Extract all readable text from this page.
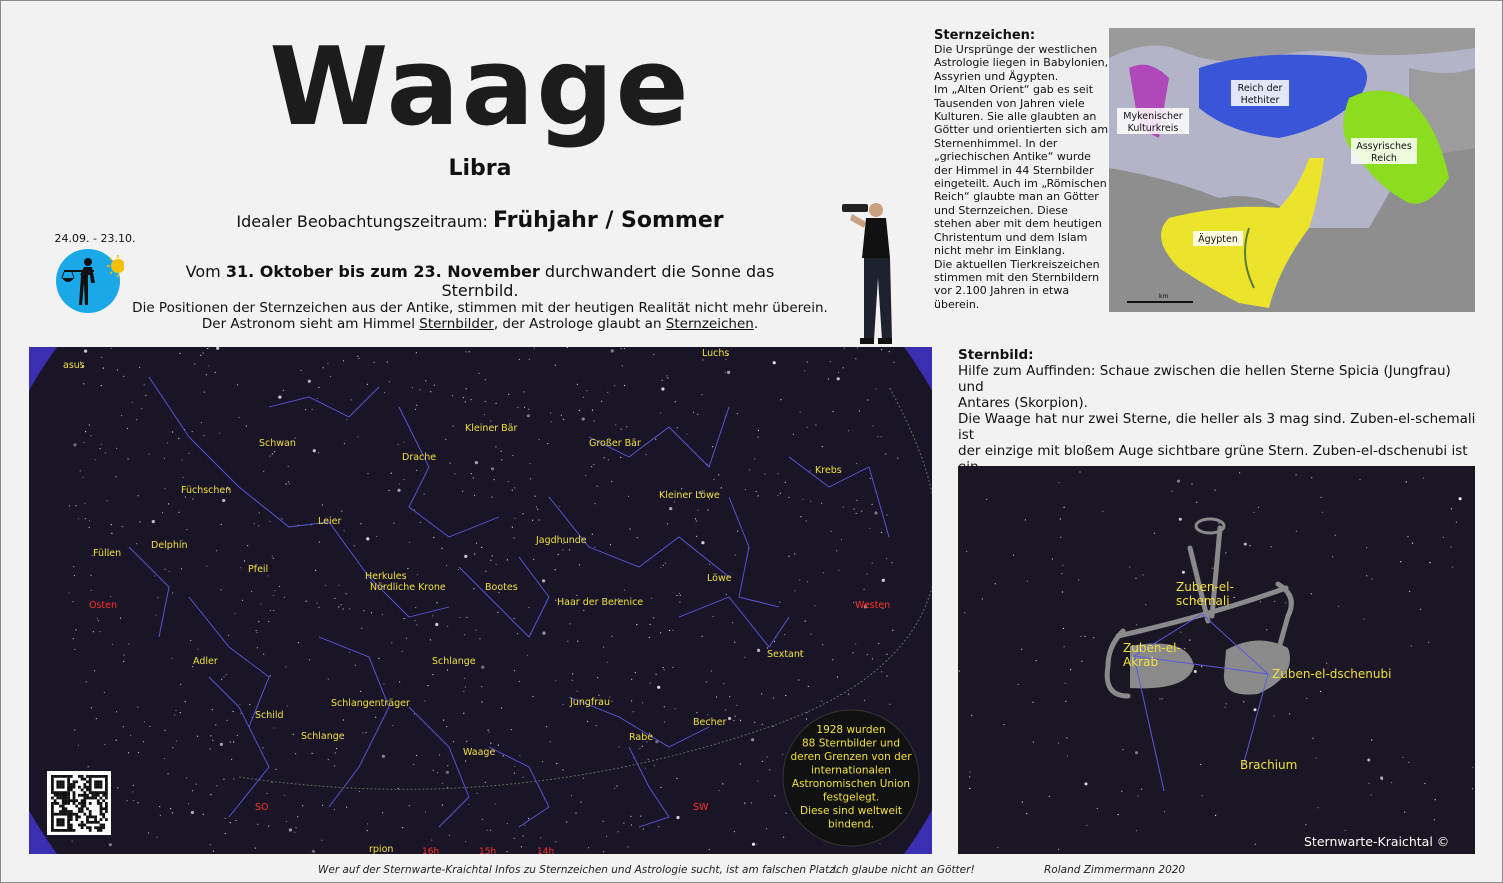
Waage
Libra
Idealer Beobachtungszeitraum: Frühjahr / Sommer
24.09. - 23.10.
Vom 31. Oktober bis zum 23. November durchwandert die Sonne das Sternbild.
Die Positionen der Sternzeichen aus der Antike, stimmen mit der heutigen Realität nicht mehr überein.
Der Astronom sieht am Himmel Sternbilder, der Astrologe glaubt an Sternzeichen.
asus
Luchs
Kleiner Bär
Schwan	Großer Bär
Drache
Krebs
Füchschen	Kleiner Löwe
Leier
Jagdhunde
Füllen
Delphin
Pfeil
Löwe
Herkules
Nördliche Krone	Bootes
Haar der Berenice
Sextant
Adler	Schlange
Schild
Schlangenträger	Jungfrau
Becher
Schlange	Rabe
Waage
rpion
Osten	Westen
SO	SW
16h	15h	14h
1928 wurden
88 Sternbilder und
deren Grenzen von der
internationalen
Astronomischen Union
festgelegt.
Diese sind weltweit
bindend.
Sternzeichen:
Die Ursprünge der westlichen
Astrologie liegen in Babylonien,
Assyrien und Ägypten.
Im „Alten Orient“ gab es seit
Tausenden von Jahren viele
Kulturen. Sie alle glaubten an
Götter und orientierten sich am
Sternenhimmel. In der
„griechischen Antike“ wurde
der Himmel in 44 Sternbilder
eingeteilt. Auch im „Römischen
Reich“ glaubte man an Götter
und Sternzeichen. Diese
stehen aber mit dem heutigen
Christentum und dem Islam
nicht mehr im Einklang.
Die aktuellen Tierkreiszeichen
stimmen mit den Sternbildern
vor 2.100 Jahren in etwa
überein.
Reich der
Hethiter
Mykenischer
Kulturkreis
Assyrisches
Reich
Ägypten
km
Sternbild:
Hilfe zum Auffinden: Schaue zwischen die hellen Sterne Spicia (Jungfrau) und
Antares (Skorpion).
Die Waage hat nur zwei Sterne, die heller als 3 mag sind. Zuben-el-schemali ist
der einzige mit bloßem Auge sichtbare grüne Stern. Zuben-el-dschenubi ist
Zuben-el-
schemali
Zuben-el-
Akrab
Zuben-el-dschenubi
Brachium
Sternwarte-Kraichtal ©
Wer auf der Sternwarte-Kraichtal Infos zu Sternzeichen und Astrologie sucht, ist am falschen Platz.
Ich glaube nicht an Götter!	Roland Zimmermann 2020
